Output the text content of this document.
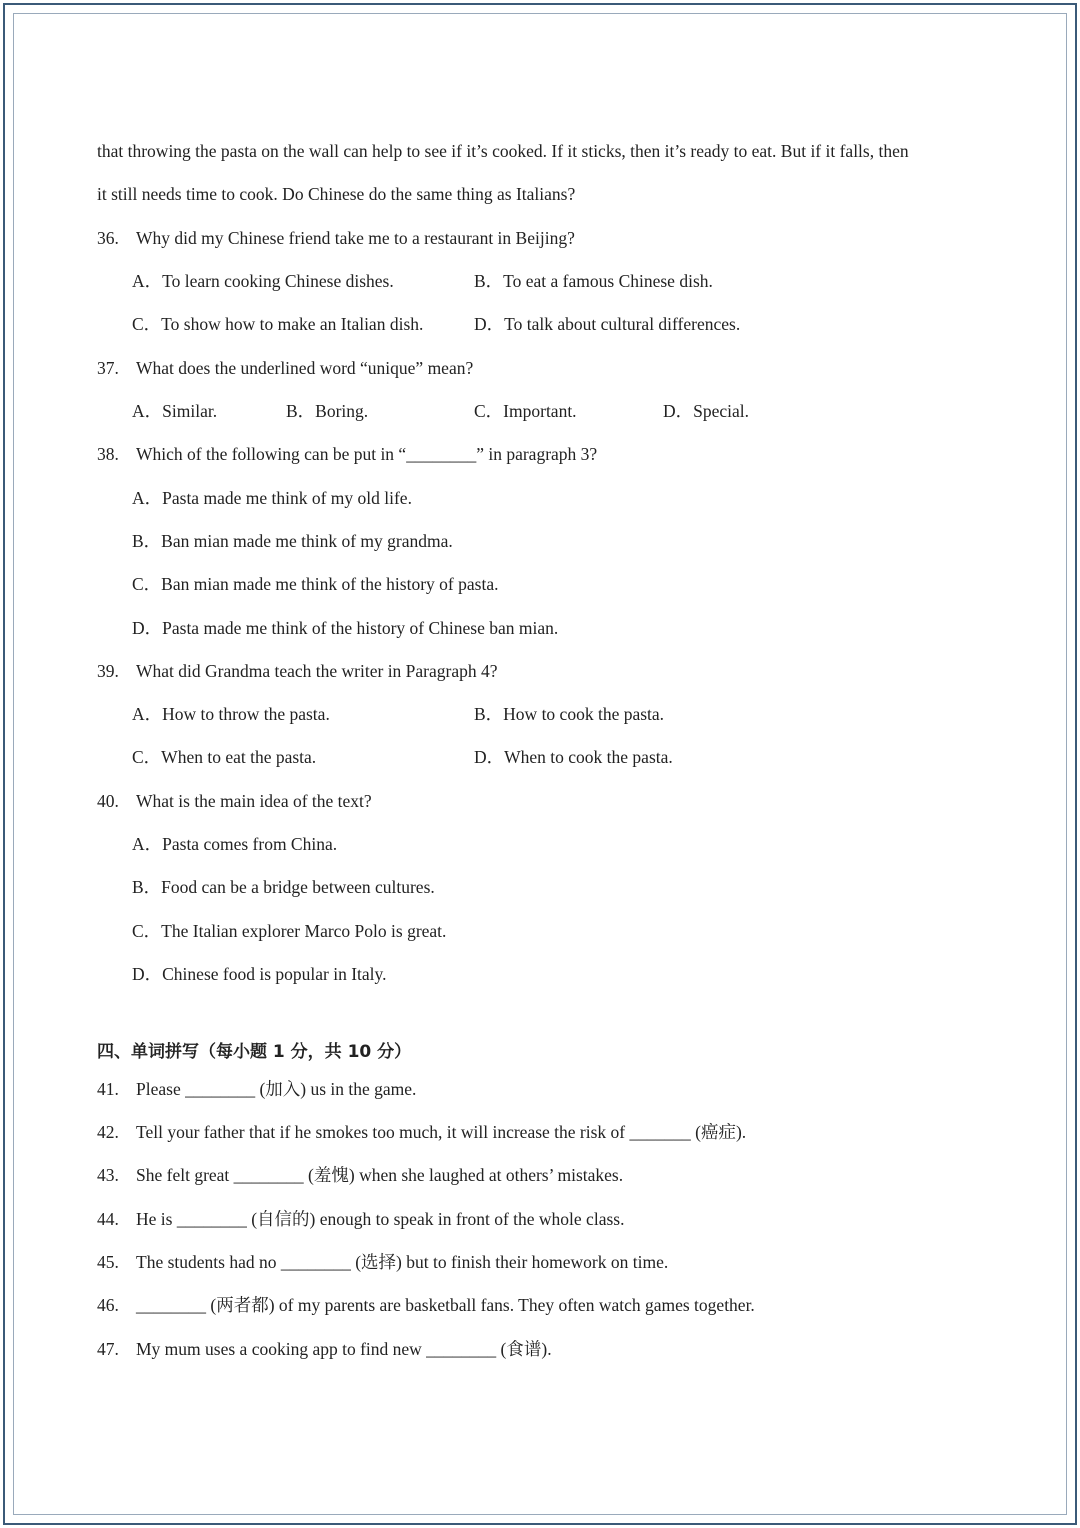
that throwing the pasta on the wall can help to see if it’s cooked. If it sticks, then it’s ready to eat. But if it falls, then
it still needs time to cook. Do Chinese do the same thing as Italians?
36. Why did my Chinese friend take me to a restaurant in Beijing?
A．To learn cooking Chinese dishes.	B．To eat a famous Chinese dish.
C．To show how to make an Italian dish.	D．To talk about cultural differences.
37. What does the underlined word “unique” mean?
A．Similar.	B．Boring.	C．Important.	D．Special.
38. Which of the following can be put in “________” in paragraph 3?
A．Pasta made me think of my old life.
B．Ban mian made me think of my grandma.
C．Ban mian made me think of the history of pasta.
D．Pasta made me think of the history of Chinese ban mian.
39. What did Grandma teach the writer in Paragraph 4?
A．How to throw the pasta.	B．How to cook the pasta.
C．When to eat the pasta.	D．When to cook the pasta.
40. What is the main idea of the text?
A．Pasta comes from China.
B．Food can be a bridge between cultures.
C．The Italian explorer Marco Polo is great.
D．Chinese food is popular in Italy.
四、单词拼写（每小题 1 分，共 10 分）
41. Please ________ (加入) us in the game.
42. Tell your father that if he smokes too much, it will increase the risk of _______ (癌症).
43. She felt great ________ (羞愧) when she laughed at others’ mistakes.
44. He is ________ (自信的) enough to speak in front of the whole class.
45. The students had no ________ (选择) but to finish their homework on time.
46. ________ (两者都) of my parents are basketball fans. They often watch games together.
47. My mum uses a cooking app to find new ________ (食谱).
